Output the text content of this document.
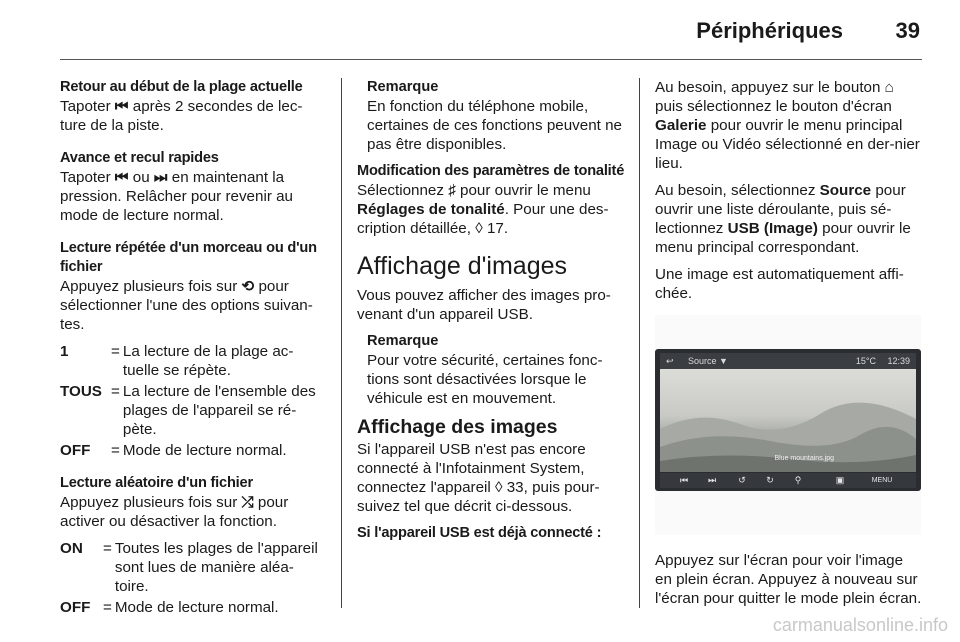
Périphériques 39

Retour au début de la plage actuelle

Tapoter ⏮ après 2 secondes de lec-ture de la piste.

Avance et recul rapides

Tapoter ⏮ ou ⏭ en maintenant la pression. Relâcher pour revenir au mode de lecture normal.

Lecture répétée d'un morceau ou d'un fichier

Appuyez plusieurs fois sur ⟲ pour sélectionner l'une des options suivan-tes.

1	= La lecture de la plage ac-tuelle se répète.
TOUS = La lecture de l'ensemble des plages de l'appareil se ré-pète.
OFF	= Mode de lecture normal.

Lecture aléatoire d'un fichier

Appuyez plusieurs fois sur ⤮ pour activer ou désactiver la fonction.

ON	= Toutes les plages de l'appareil sont lues de manière aléa-toire.
OFF = Mode de lecture normal.

Remarque

En fonction du téléphone mobile, certaines de ces fonctions peuvent ne pas être disponibles.

Modification des paramètres de tonalité

Sélectionnez ♯ pour ouvrir le menu Réglages de tonalité. Pour une des-cription détaillée, ◊ 17.

Affichage d'images

Vous pouvez afficher des images pro-venant d'un appareil USB.

Remarque

Pour votre sécurité, certaines fonc-tions sont désactivées lorsque le véhicule est en mouvement.

Affichage des images

Si l'appareil USB n'est pas encore connecté à l'Infotainment System, connectez l'appareil ◊ 33, puis pour-suivez tel que décrit ci-dessous.

Si l'appareil USB est déjà connecté :

Au besoin, appuyez sur le bouton ⌂ puis sélectionnez le bouton d'écran Galerie pour ouvrir le menu principal Image ou Vidéo sélectionné en der-nier lieu.

Au besoin, sélectionnez Source pour ouvrir une liste déroulante, puis sé-lectionnez USB (Image) pour ouvrir le menu principal correspondant.

Une image est automatiquement affi-chée.

↩ Source ▼	15°C 12:39
Blue mountains.jpg
⏮	⏭	↺	↻	⚲	▣	MENU

Appuyez sur l'écran pour voir l'image en plein écran. Appuyez à nouveau sur l'écran pour quitter le mode plein écran.

carmanualsonline.info
